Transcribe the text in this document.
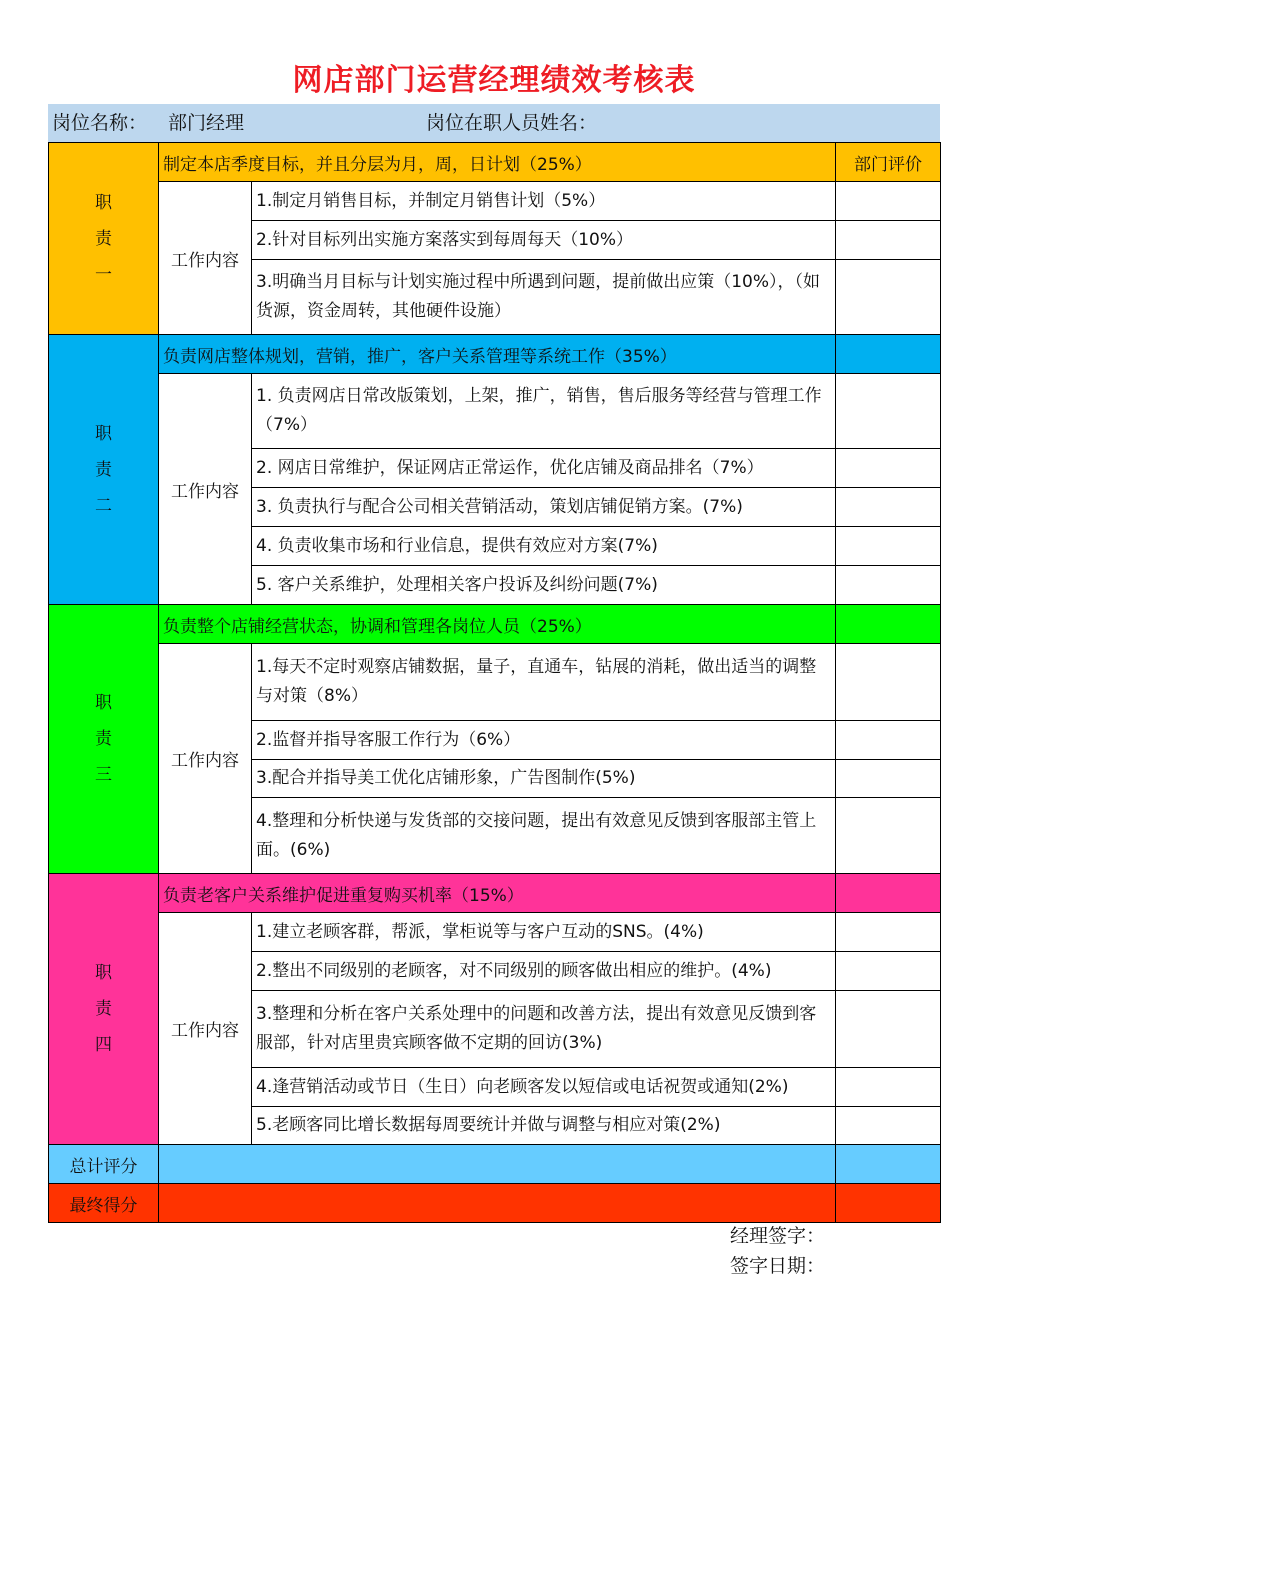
网店部门运营经理绩效考核表
岗位名称： 部门经理	岗位在职人员姓名：
职
责
一	制定本店季度目标，并且分层为月，周，日计划（25%）		部门评价
	工作内容	1.制定月销售目标，并制定月销售计划（5%）	
		2.针对目标列出实施方案落实到每周每天（10%）	
		3.明确当月目标与计划实施过程中所遇到问题，提前做出应策（10%），（如货源，资金周转，其他硬件设施）	

职
责
二	负责网店整体规划，营销，推广，客户关系管理等系统工作（35%）		
	工作内容	1. 负责网店日常改版策划，上架，推广，销售，售后服务等经营与管理工作（7%）	
		2. 网店日常维护，保证网店正常运作，优化店铺及商品排名（7%）	
		3. 负责执行与配合公司相关营销活动，策划店铺促销方案。(7%)	
		4. 负责收集市场和行业信息，提供有效应对方案(7%)	
		5. 客户关系维护，处理相关客户投诉及纠纷问题(7%)	

职
责
三	负责整个店铺经营状态，协调和管理各岗位人员（25%）		
	工作内容	1.每天不定时观察店铺数据，量子，直通车，钻展的消耗，做出适当的调整与对策（8%）	
		2.监督并指导客服工作行为（6%）	
		3.配合并指导美工优化店铺形象，广告图制作(5%)	
		4.整理和分析快递与发货部的交接问题，提出有效意见反馈到客服部主管上面。(6%)	

职
责
四	负责老客户关系维护促进重复购买机率（15%）		
	工作内容	1.建立老顾客群，帮派，掌柜说等与客户互动的SNS。(4%)	
		2.整出不同级别的老顾客，对不同级别的顾客做出相应的维护。(4%)	
		3.整理和分析在客户关系处理中的问题和改善方法，提出有效意见反馈到客服部，针对店里贵宾顾客做不定期的回访(3%)	
		4.逢营销活动或节日（生日）向老顾客发以短信或电话祝贺或通知(2%)	
		5.老顾客同比增长数据每周要统计并做与调整与相应对策(2%)	
总计评分			
最终得分			
经理签字：
签字日期：
